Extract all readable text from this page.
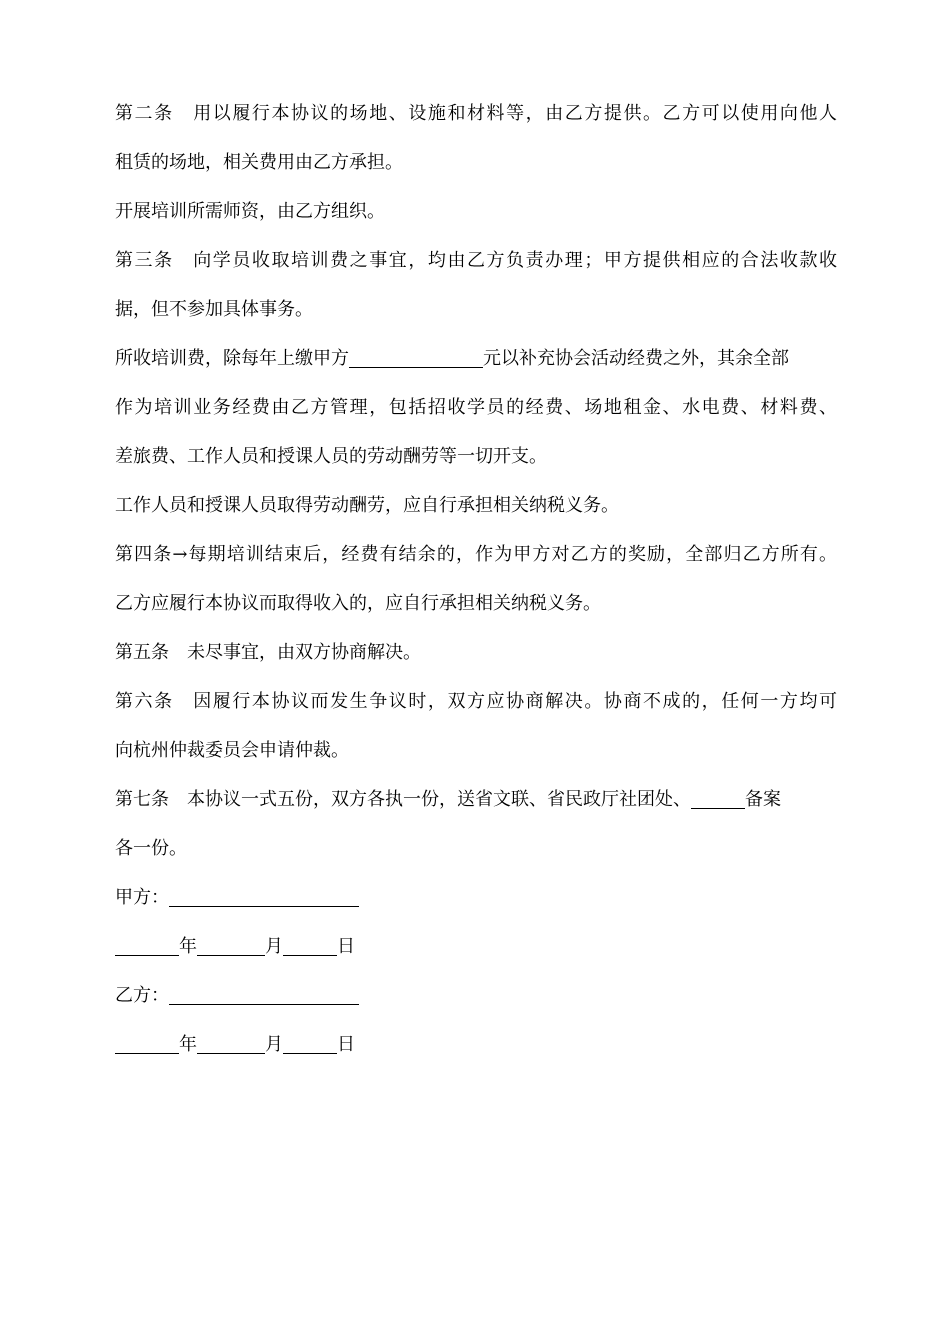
第二条　用以履行本协议的场地、设施和材料等，由乙方提供。乙方可以使用向他人
租赁的场地，相关费用由乙方承担。
开展培训所需师资，由乙方组织。
第三条　向学员收取培训费之事宜，均由乙方负责办理；甲方提供相应的合法收款收
据，但不参加具体事务。
所收培训费，除每年上缴甲方	元以补充协会活动经费之外，其余全部
作为培训业务经费由乙方管理，包括招收学员的经费、场地租金、水电费、材料费、
差旅费、工作人员和授课人员的劳动酬劳等一切开支。
工作人员和授课人员取得劳动酬劳，应自行承担相关纳税义务。
第四条→每期培训结束后，经费有结余的，作为甲方对乙方的奖励，全部归乙方所有。
乙方应履行本协议而取得收入的，应自行承担相关纳税义务。
第五条　未尽事宜，由双方协商解决。
第六条　因履行本协议而发生争议时，双方应协商解决。协商不成的，任何一方均可
向杭州仲裁委员会申请仲裁。
第七条　本协议一式五份，双方各执一份，送省文联、省民政厅社团处、	备案
各一份。
甲方：
年	月	日
乙方：
年	月	日
